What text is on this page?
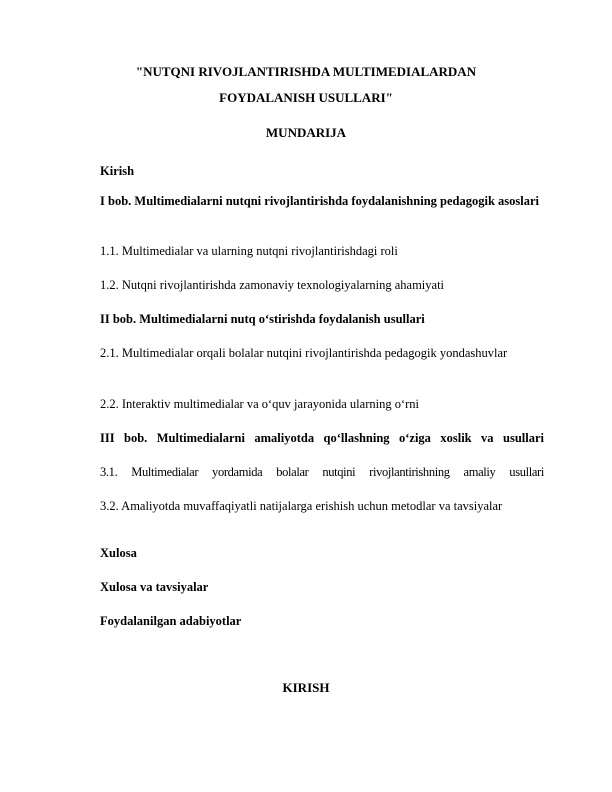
"NUTQNI RIVOJLANTIRISHDA MULTIMEDIALARDAN
FOYDALANISH USULLARI"
MUNDARIJA
Kirish
I bob. Multimedialarni nutqni rivojlantirishda foydalanishning pedagogik asoslari
1.1. Multimedialar va ularning nutqni rivojlantirishdagi roli
1.2. Nutqni rivojlantirishda zamonaviy texnologiyalarning ahamiyati
II bob. Multimedialarni nutq o‘stirishda foydalanish usullari
2.1. Multimedialar orqali bolalar nutqini rivojlantirishda pedagogik yondashuvlar
2.2. Interaktiv multimedialar va o‘quv jarayonida ularning o‘rni
III bob. Multimedialarni amaliyotda qo‘llashning o‘ziga xoslik va usullari
3.1. Multimedialar yordamida bolalar nutqini rivojlantirishning amaliy usullari
3.2. Amaliyotda muvaffaqiyatli natijalarga erishish uchun metodlar va tavsiyalar
Xulosa
Xulosa va tavsiyalar
Foydalanilgan adabiyotlar
KIRISH
